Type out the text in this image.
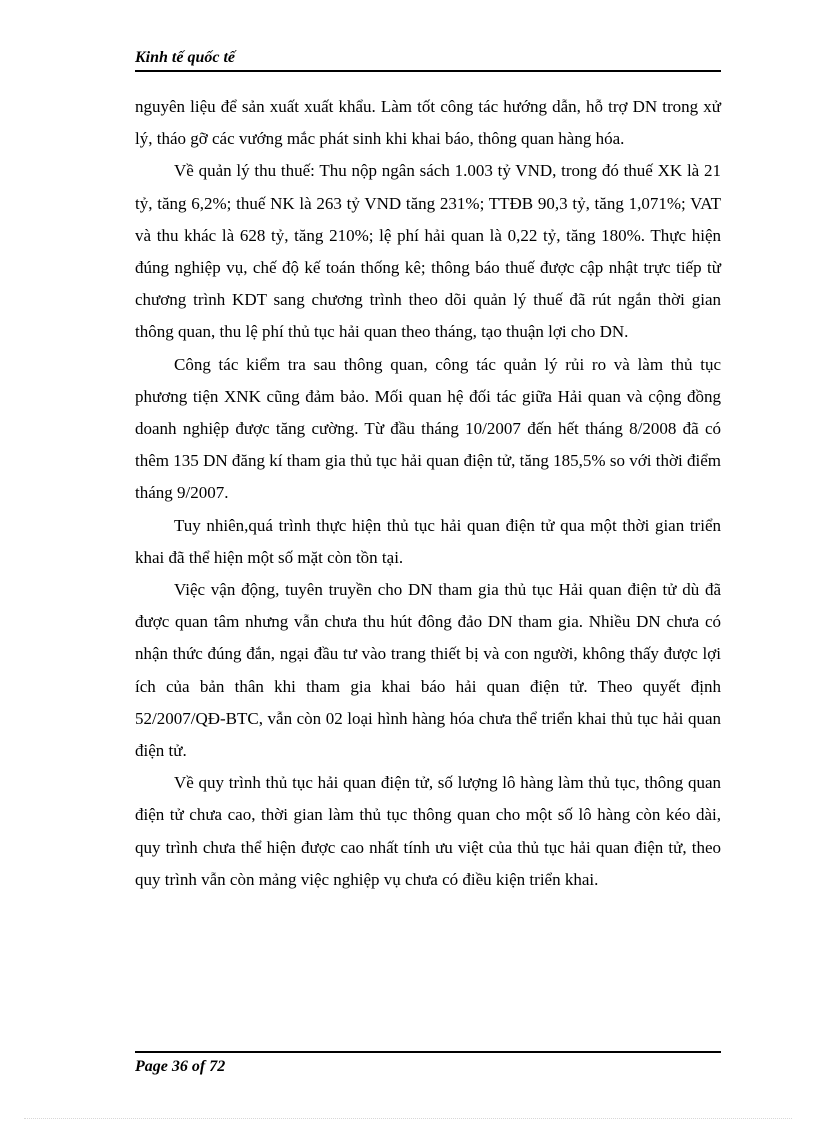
Kinh tế quốc tế

nguyên liệu để sản xuất xuất khẩu. Làm tốt công tác hướng dẫn, hỗ trợ DN trong xử lý, tháo gỡ các vướng mắc phát sinh khi khai báo, thông quan hàng hóa.

Về quản lý thu thuế: Thu nộp ngân sách 1.003 tỷ VND, trong đó thuế XK là 21 tỷ, tăng 6,2%; thuế NK là 263 tỷ VND tăng 231%; TTĐB 90,3 tỷ, tăng 1,071%; VAT và thu khác là 628 tỷ, tăng 210%; lệ phí hải quan là 0,22 tỷ, tăng 180%. Thực hiện đúng nghiệp vụ, chế độ kế toán thống kê; thông báo thuế được cập nhật trực tiếp từ chương trình KDT sang chương trình theo dõi quản lý thuế đã rút ngắn thời gian thông quan, thu lệ phí thủ tục hải quan theo tháng, tạo thuận lợi cho DN.

Công tác kiểm tra sau thông quan, công tác quản lý rủi ro và làm thủ tục phương tiện XNK cũng đảm bảo. Mối quan hệ đối tác giữa Hải quan và cộng đồng doanh nghiệp được tăng cường. Từ đầu tháng 10/2007 đến hết tháng 8/2008 đã có thêm 135 DN đăng kí tham gia thủ tục hải quan điện tử, tăng 185,5% so với thời điểm tháng 9/2007.

Tuy nhiên,quá trình thực hiện thủ tục hải quan điện tử qua một thời gian triển khai đã thể hiện một số mặt còn tồn tại.

Việc vận động, tuyên truyền cho DN tham gia thủ tục Hải quan điện tử dù đã được quan tâm nhưng vẫn chưa thu hút đông đảo DN tham gia. Nhiều DN chưa có nhận thức đúng đắn, ngại đầu tư vào trang thiết bị và con người, không thấy được lợi ích của bản thân khi tham gia khai báo hải quan điện tử. Theo quyết định 52/2007/QĐ-BTC, vẫn còn 02 loại hình hàng hóa chưa thể triển khai thủ tục hải quan điện tử.

Về quy trình thủ tục hải quan điện tử, số lượng lô hàng làm thủ tục, thông quan điện tử chưa cao, thời gian làm thủ tục thông quan cho một số lô hàng còn kéo dài, quy trình chưa thể hiện được cao nhất tính ưu việt của thủ tục hải quan điện tử, theo quy trình vẫn còn mảng việc nghiệp vụ chưa có điều kiện triển khai.

Page 36 of 72
